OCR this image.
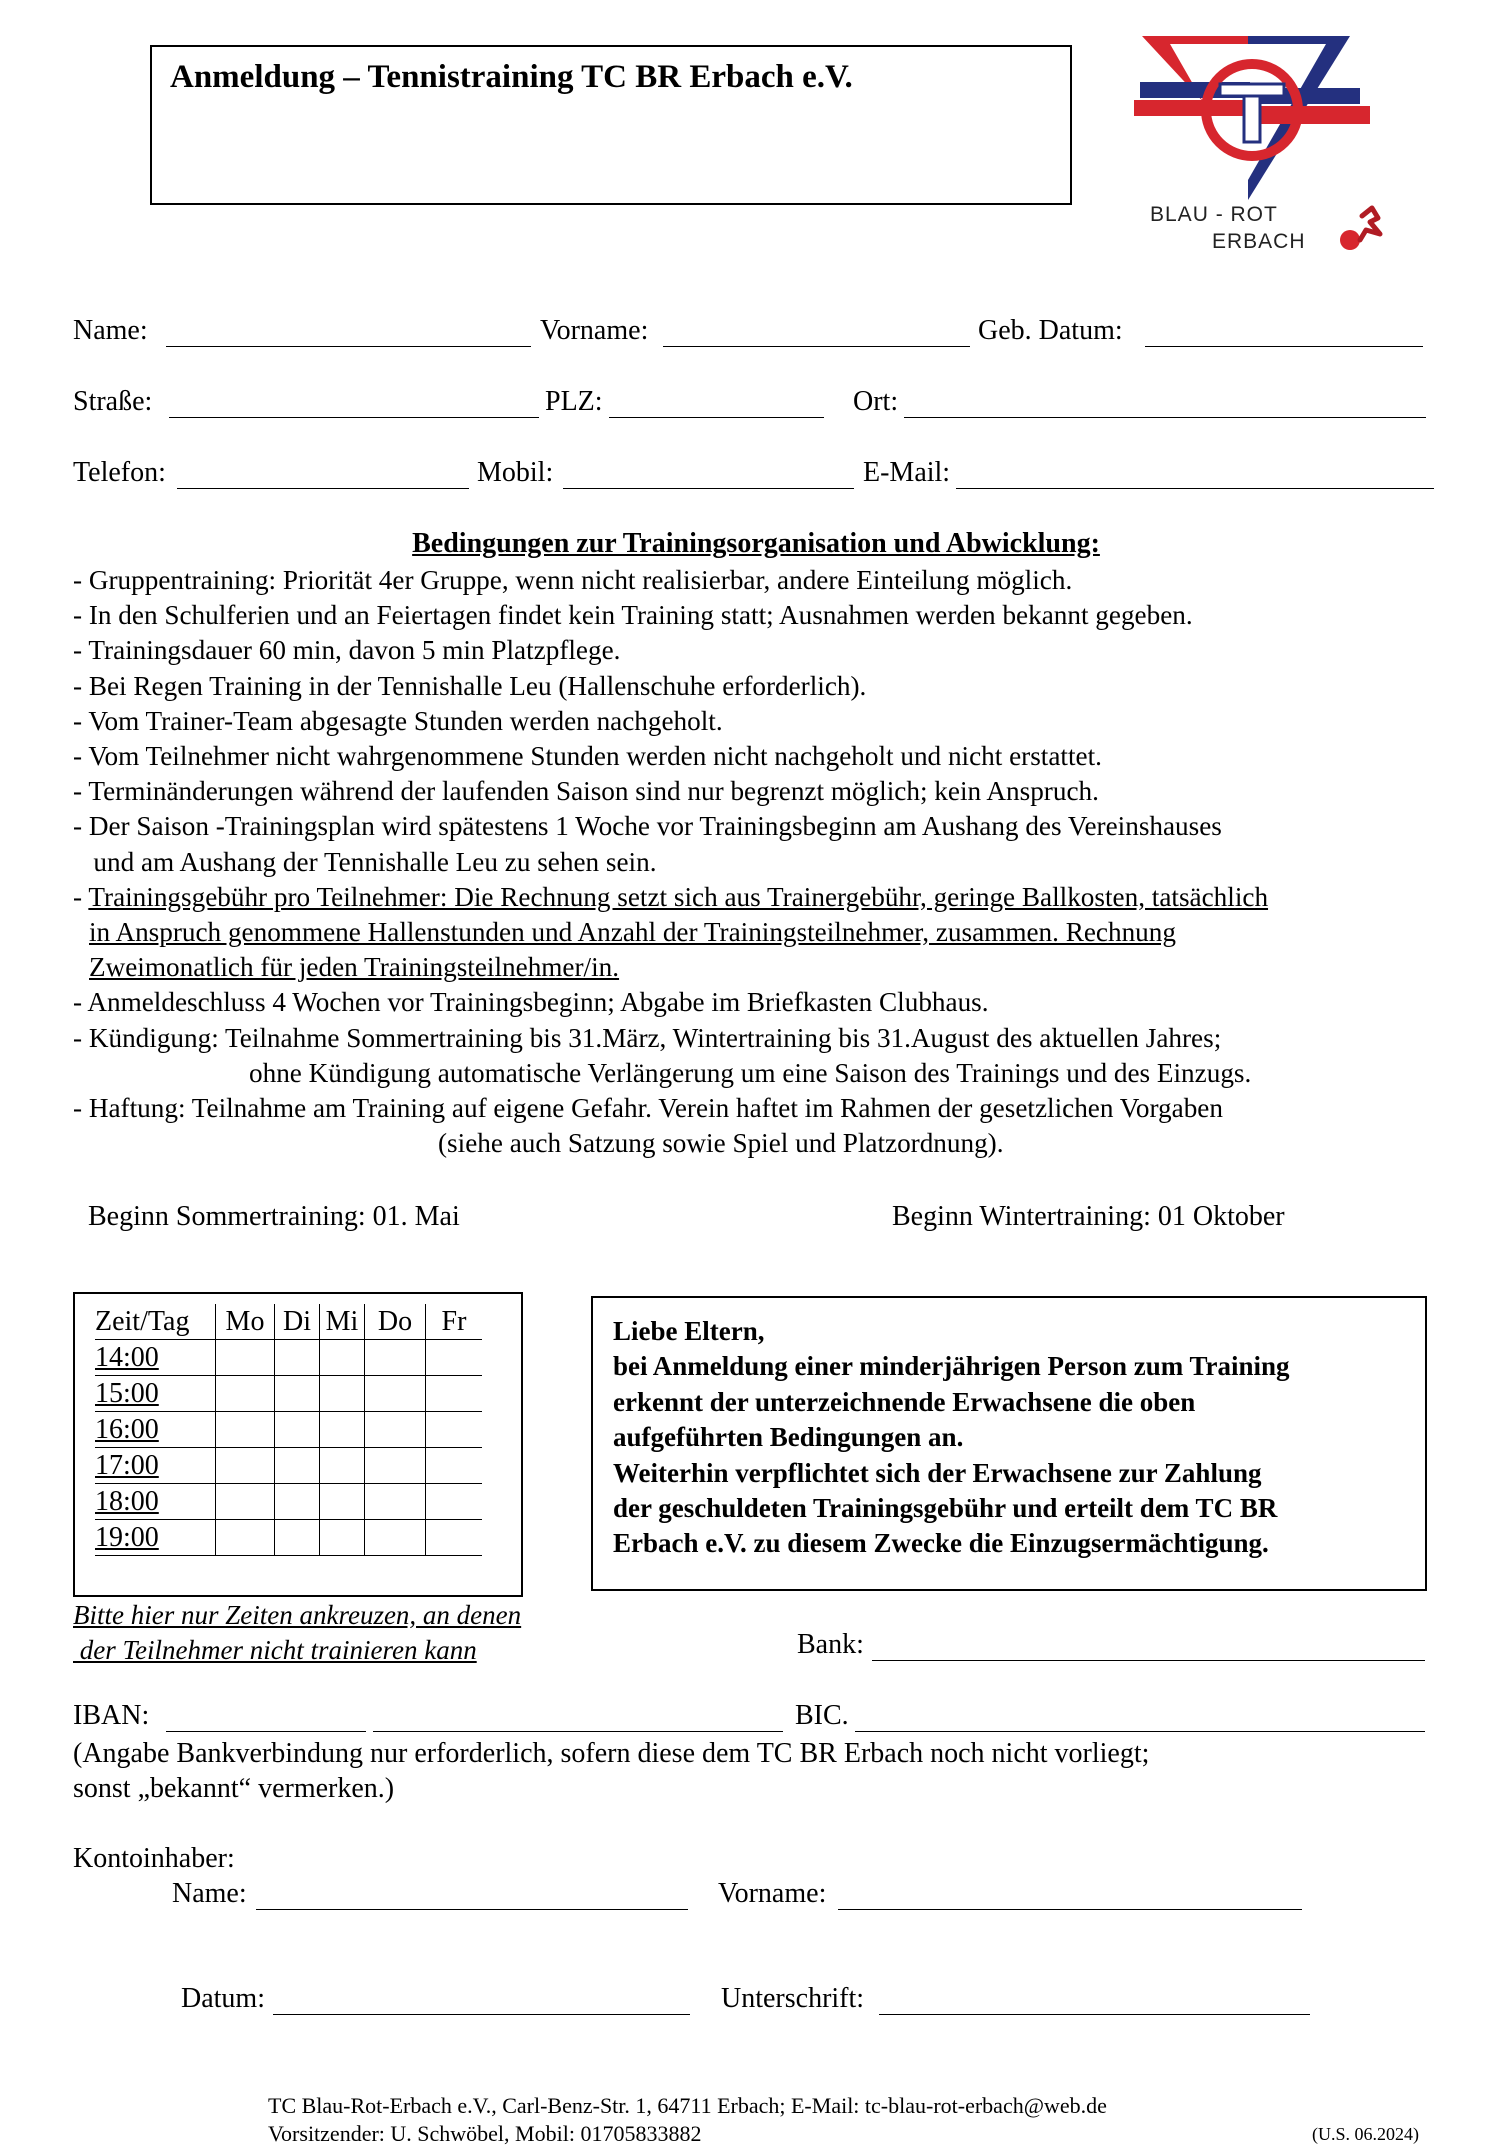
Anmeldung – Tennistraining TC BR Erbach e.V.
BLAU - ROT
ERBACH
Name:	Vorname:	Geb. Datum:
Straße:	PLZ:	Ort:
Telefon:	Mobil:	E-Mail:
Bedingungen zur Trainingsorganisation und Abwicklung:
- Gruppentraining: Priorität 4er Gruppe, wenn nicht realisierbar, andere Einteilung möglich.
- In den Schulferien und an Feiertagen findet kein Training statt; Ausnahmen werden bekannt gegeben.
- Trainingsdauer 60 min, davon 5 min Platzpflege.
- Bei Regen Training in der Tennishalle Leu (Hallenschuhe erforderlich).
- Vom Trainer-Team abgesagte Stunden werden nachgeholt.
- Vom Teilnehmer nicht wahrgenommene Stunden werden nicht nachgeholt und nicht erstattet.
- Terminänderungen während der laufenden Saison sind nur begrenzt möglich; kein Anspruch.
- Der Saison -Trainingsplan wird spätestens 1 Woche vor Trainingsbeginn am Aushang des Vereinshauses
und am Aushang der Tennishalle Leu zu sehen sein.
- Trainingsgebühr pro Teilnehmer: Die Rechnung setzt sich aus Trainergebühr, geringe Ballkosten, tatsächlich
in Anspruch genommene Hallenstunden und Anzahl der Trainingsteilnehmer, zusammen. Rechnung
Zweimonatlich für jeden Trainingsteilnehmer/in.
- Anmeldeschluss 4 Wochen vor Trainingsbeginn; Abgabe im Briefkasten Clubhaus.
- Kündigung: Teilnahme Sommertraining bis 31.März, Wintertraining bis 31.August des aktuellen Jahres;
ohne Kündigung automatische Verlängerung um eine Saison des Trainings und des Einzugs.
- Haftung: Teilnahme am Training auf eigene Gefahr. Verein haftet im Rahmen der gesetzlichen Vorgaben
(siehe auch Satzung sowie Spiel und Platzordnung).
Beginn Sommertraining: 01. Mai	Beginn Wintertraining: 01 Oktober
Zeit/Tag	Mo	Di	Mi	Do	Fr
14:00					
15:00					
16:00					
17:00					
18:00					
19:00					
Bitte hier nur Zeiten ankreuzen, an denen
der Teilnehmer nicht trainieren kann
Liebe Eltern,
bei Anmeldung einer minderjährigen Person zum Training
erkennt der unterzeichnende Erwachsene die oben
aufgeführten Bedingungen an.
Weiterhin verpflichtet sich der Erwachsene zur Zahlung
der geschuldeten Trainingsgebühr und erteilt dem TC BR
Erbach e.V. zu diesem Zwecke die Einzugsermächtigung.
Bank:
IBAN:	BIC.
(Angabe Bankverbindung nur erforderlich, sofern diese dem TC BR Erbach noch nicht vorliegt;
sonst „bekannt“ vermerken.)
Kontoinhaber:
Name:	Vorname:
Datum:	Unterschrift:
TC Blau-Rot-Erbach e.V., Carl-Benz-Str. 1, 64711 Erbach; E-Mail: tc-blau-rot-erbach@web.de
Vorsitzender: U. Schwöbel, Mobil: 01705833882	(U.S. 06.2024)
